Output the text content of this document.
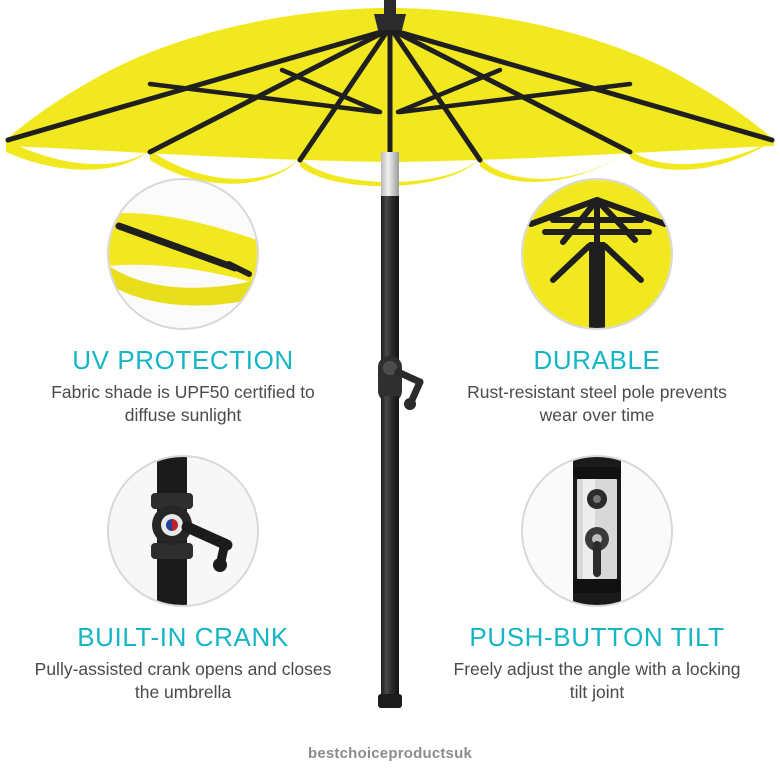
UV PROTECTION

Fabric shade is UPF50 certified to diffuse sunlight

DURABLE

Rust-resistant steel pole prevents wear over time

BUILT-IN CRANK

Pully-assisted crank opens and closes the umbrella

PUSH-BUTTON TILT

Freely adjust the angle with a locking tilt joint

bestchoiceproductsuk
